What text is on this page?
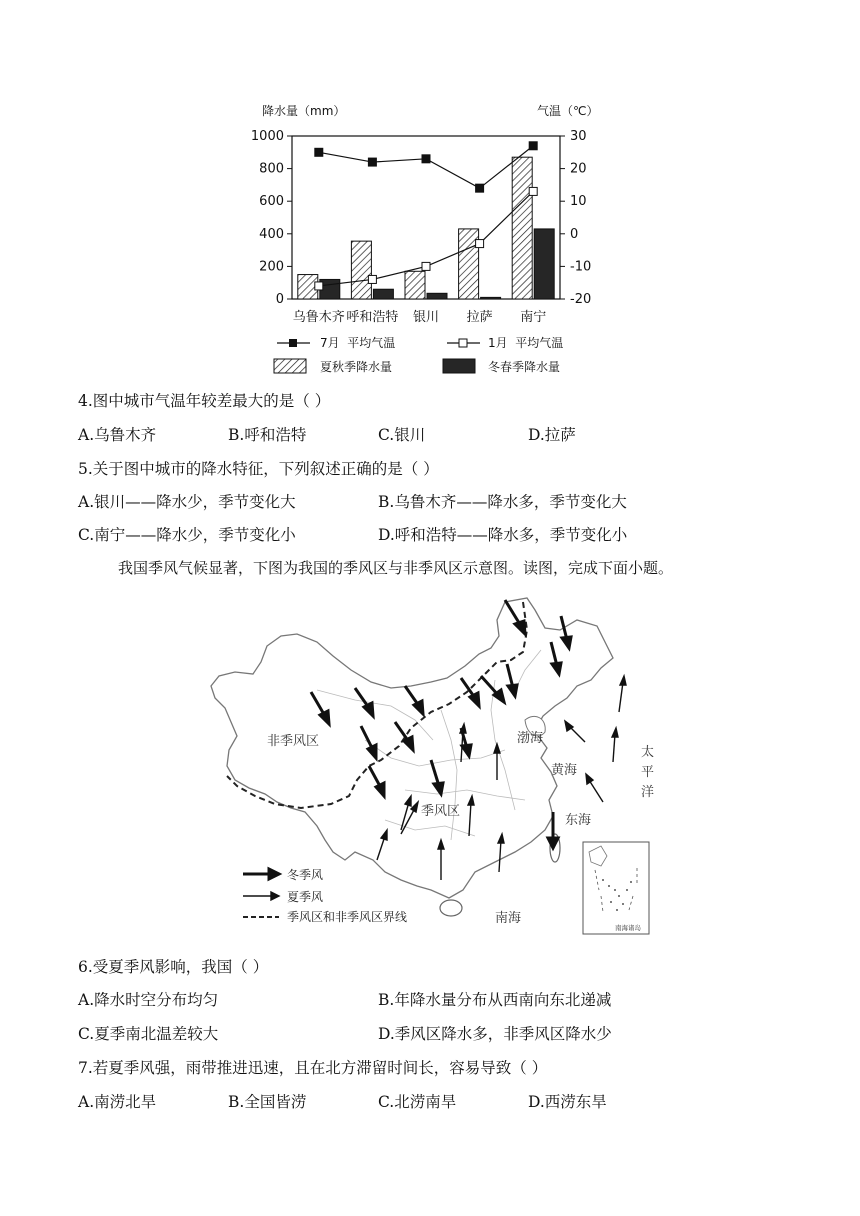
降水量（mm）	气温（℃）
0
200
400
600
800
1000
-20
-10
0
10
20
30
乌鲁木齐 呼和浩特 银川 拉萨 南宁
7月  平均气温	1月  平均气温
夏秋季降水量	冬春季降水量
4.图中城市气温年较差最大的是（ ）
A.乌鲁木齐	B.呼和浩特	C.银川	D.拉萨
5.关于图中城市的降水特征，下列叙述正确的是（ ）
A.银川——降水少，季节变化大	B.乌鲁木齐——降水多，季节变化大
C.南宁——降水少，季节变化小	D.呼和浩特——降水多，季节变化小
我国季风气候显著，下图为我国的季风区与非季风区示意图。读图，完成下面小题。
非季风区
季风区
渤海
黄海
东海
南海
太
平
洋
南海诸岛
冬季风
夏季风
季风区和非季风区界线
6.受夏季风影响，我国（ ）
A.降水时空分布均匀	B.年降水量分布从西南向东北递减
C.夏季南北温差较大	D.季风区降水多，非季风区降水少
7.若夏季风强，雨带推进迅速，且在北方滞留时间长，容易导致（ ）
A.南涝北旱	B.全国皆涝	C.北涝南旱	D.西涝东旱
